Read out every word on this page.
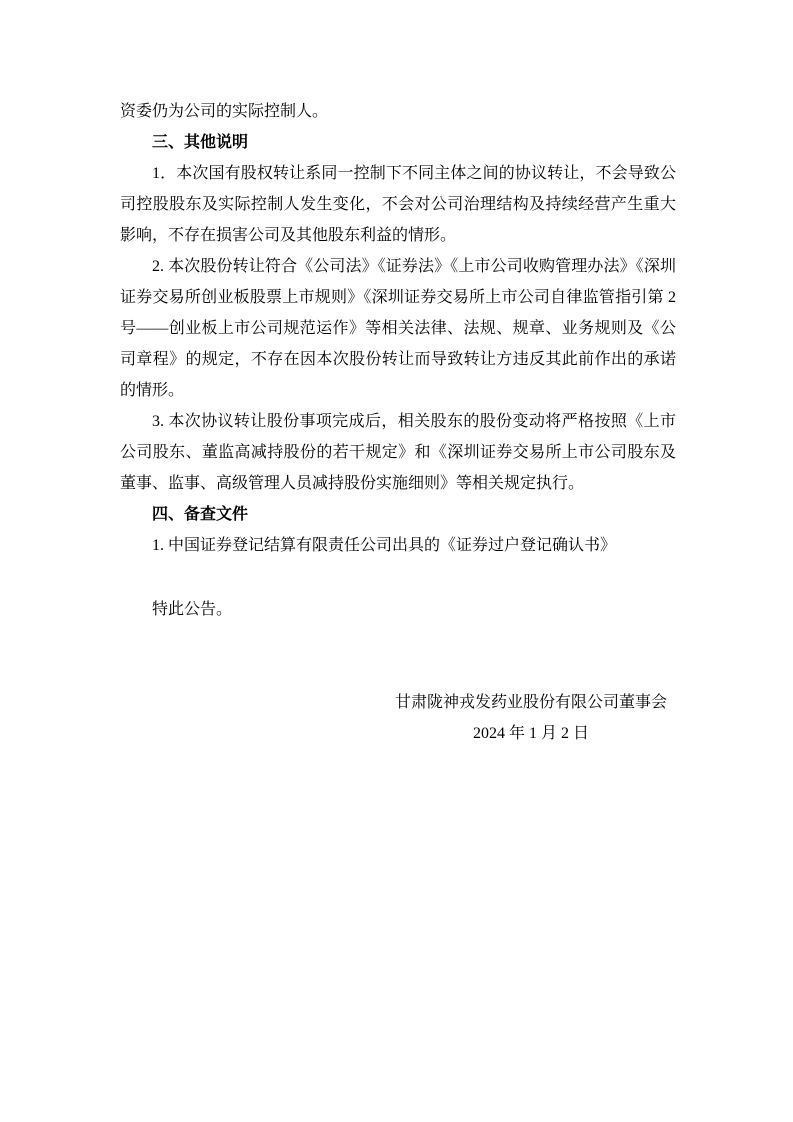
资委仍为公司的实际控制人。

三、其他说明

1．本次国有股权转让系同一控制下不同主体之间的协议转让，不会导致公司控股股东及实际控制人发生变化，不会对公司治理结构及持续经营产生重大影响，不存在损害公司及其他股东利益的情形。

2. 本次股份转让符合《公司法》《证券法》《上市公司收购管理办法》《深圳证券交易所创业板股票上市规则》《深圳证券交易所上市公司自律监管指引第 2 号——创业板上市公司规范运作》等相关法律、法规、规章、业务规则及《公司章程》的规定，不存在因本次股份转让而导致转让方违反其此前作出的承诺的情形。

3. 本次协议转让股份事项完成后，相关股东的股份变动将严格按照《上市公司股东、董监高减持股份的若干规定》和《深圳证券交易所上市公司股东及董事、监事、高级管理人员减持股份实施细则》等相关规定执行。

四、备查文件

1. 中国证券登记结算有限责任公司出具的《证券过户登记确认书》

特此公告。

甘肃陇神戎发药业股份有限公司董事会
2024 年 1 月 2 日
